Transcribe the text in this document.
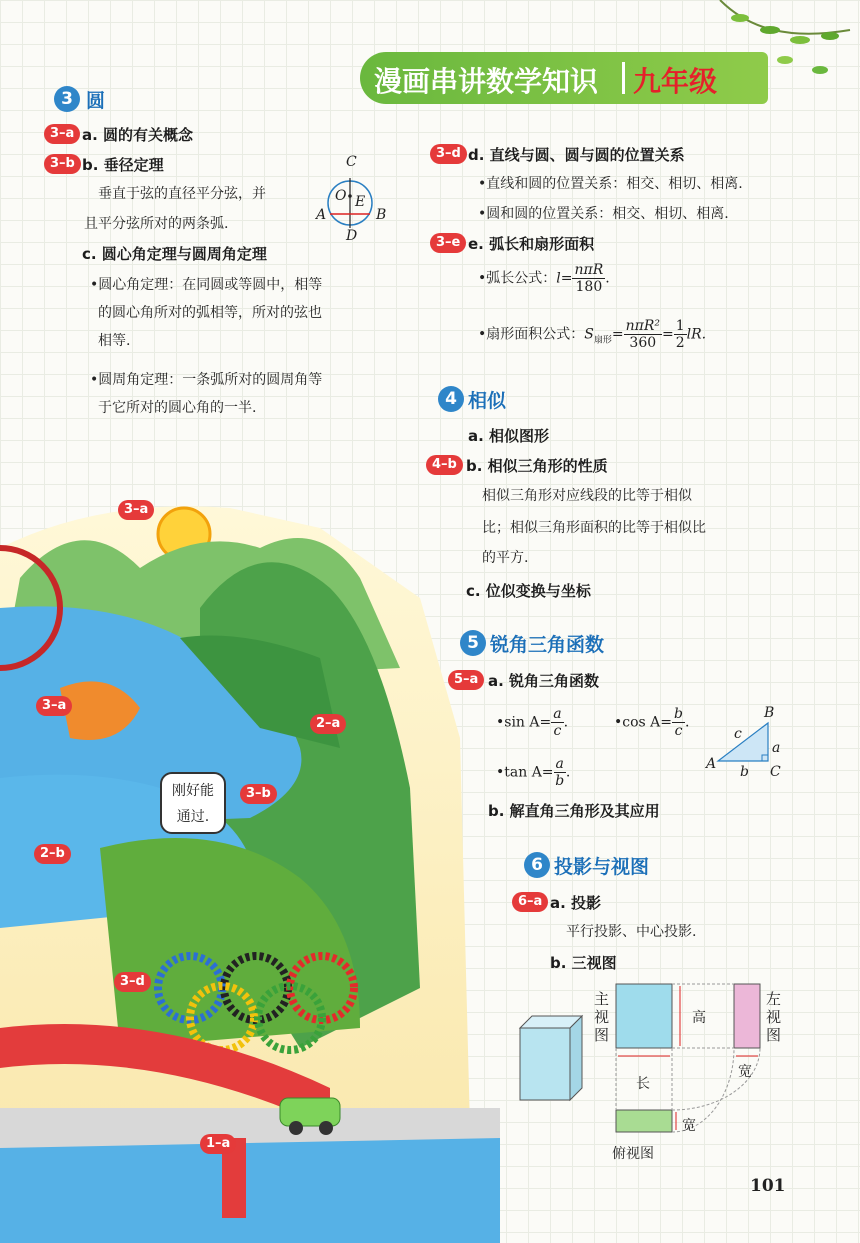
漫画串讲数学知识 九年级
3 圆
3–a a. 圆的有关概念
3–b b. 垂径定理
垂直于弦的直径平分弦，并
且平分弦所对的两条弧.
C
O E
A	B
D
c. 圆心角定理与圆周角定理
•圆心角定理：在同圆或等圆中，相等
的圆心角所对的弧相等，所对的弦也
相等.
•圆周角定理：一条弧所对的圆周角等
于它所对的圆心角的一半.
3–d d. 直线与圆、圆与圆的位置关系
•直线和圆的位置关系：相交、相切、相离.
•圆和圆的位置关系：相交、相切、相离.
3–e e. 弧长和扇形面积
•弧长公式：$l= \frac{\text{nπR}}{180}$ .
•扇形面积公式：$S_{扇形}= \frac{\text{nπR²}}{360} = \frac{1}{2}$ lR.
4 相似
a. 相似图形
4–b b. 相似三角形的性质
相似三角形对应线段的比等于相似
比；相似三角形面积的比等于相似比
的平方.
c. 位似变换与坐标
5 锐角三角函数
5–a a. 锐角三角函数
•sin $A= \frac{a}{c}$ .	•cos $A= \frac{b}{c}$ .
•tan $A= \frac{a}{b}$ .
B
A	C
a
b
c
b. 解直角三角形及其应用
6 投影与视图
6–a a. 投影
平行投影、中心投影.
b. 三视图
主视图
左视图
俯视图
高
长
宽
宽
101
3–a
3–a
2–a
3–b
2–b
3–d
1–a
刚好能
通过.
